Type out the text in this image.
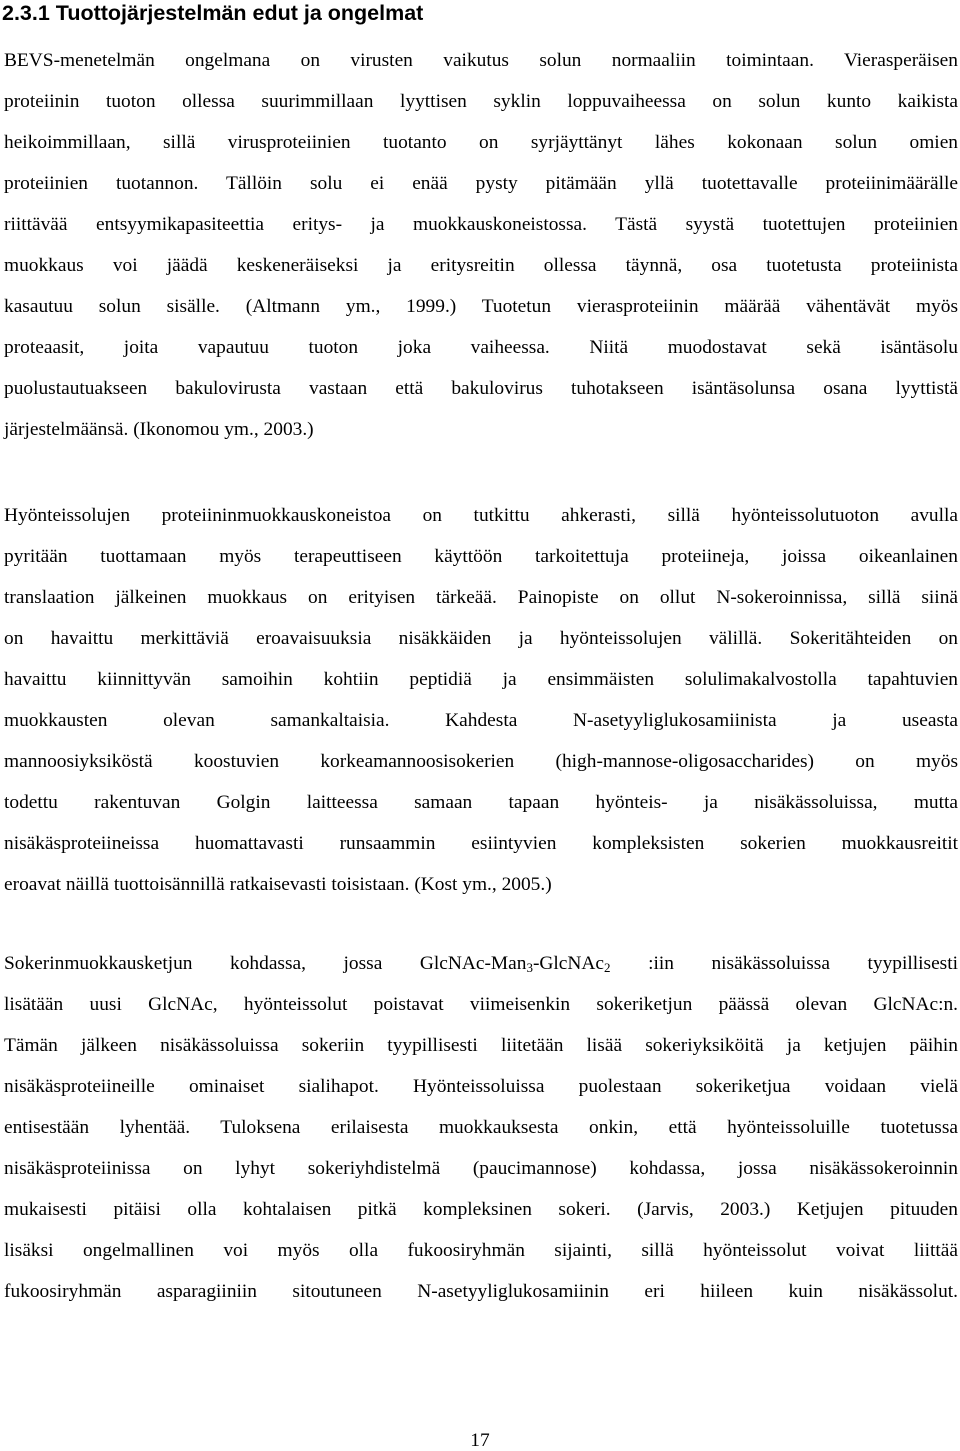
2.3.1 Tuottojärjestelmän edut ja ongelmat
BEVS-menetelmän ongelmana on virusten vaikutus solun normaaliin toimintaan. Vierasperäisen
proteiinin tuoton ollessa suurimmillaan lyyttisen syklin loppuvaiheessa on solun kunto kaikista
heikoimmillaan, sillä virusproteiinien tuotanto on syrjäyttänyt lähes kokonaan solun omien
proteiinien tuotannon. Tällöin solu ei enää pysty pitämään yllä tuotettavalle proteiinimäärälle
riittävää entsyymikapasiteettia eritys- ja muokkauskoneistossa. Tästä syystä tuotettujen proteiinien
muokkaus voi jäädä keskeneräiseksi ja eritysreitin ollessa täynnä, osa tuotetusta proteiinista
kasautuu solun sisälle. (Altmann ym., 1999.) Tuotetun vierasproteiinin määrää vähentävät myös
proteaasit, joita vapautuu tuoton joka vaiheessa. Niitä muodostavat sekä isäntäsolu
puolustautuakseen bakulovirusta vastaan että bakulovirus tuhotakseen isäntäsolunsa osana lyyttistä
järjestelmäänsä. (Ikonomou ym., 2003.)
Hyönteissolujen proteiininmuokkauskoneistoa on tutkittu ahkerasti, sillä hyönteissolutuoton avulla
pyritään tuottamaan myös terapeuttiseen käyttöön tarkoitettuja proteiineja, joissa oikeanlainen
translaation jälkeinen muokkaus on erityisen tärkeää. Painopiste on ollut N-sokeroinnissa, sillä siinä
on havaittu merkittäviä eroavaisuuksia nisäkkäiden ja hyönteissolujen välillä. Sokeritähteiden on
havaittu kiinnittyvän samoihin kohtiin peptidiä ja ensimmäisten solulimakalvostolla tapahtuvien
muokkausten olevan samankaltaisia. Kahdesta N-asetyyliglukosamiinista ja useasta
mannoosiyksiköstä koostuvien korkeamannoosisokerien (high-mannose-oligosaccharides) on myös
todettu rakentuvan Golgin laitteessa samaan tapaan hyönteis- ja nisäkässoluissa, mutta
nisäkäsproteiineissa huomattavasti runsaammin esiintyvien kompleksisten sokerien muokkausreitit
eroavat näillä tuottoisännillä ratkaisevasti toisistaan. (Kost ym., 2005.)
Sokerinmuokkausketjun kohdassa, jossa GlcNAc-Man$_3$-GlcNAc$_2$ :iin nisäkässoluissa tyypillisesti
lisätään uusi GlcNAc, hyönteissolut poistavat viimeisenkin sokeriketjun päässä olevan GlcNAc:n.
Tämän jälkeen nisäkässoluissa sokeriin tyypillisesti liitetään lisää sokeriyksiköitä ja ketjujen päihin
nisäkäsproteiineille ominaiset sialihapot. Hyönteissoluissa puolestaan sokeriketjua voidaan vielä
entisestään lyhentää. Tuloksena erilaisesta muokkauksesta onkin, että hyönteissoluille tuotetussa
nisäkäsproteiinissa on lyhyt sokeriyhdistelmä (paucimannose) kohdassa, jossa nisäkässokeroinnin
mukaisesti pitäisi olla kohtalaisen pitkä kompleksinen sokeri. (Jarvis, 2003.) Ketjujen pituuden
lisäksi ongelmallinen voi myös olla fukoosiryhmän sijainti, sillä hyönteissolut voivat liittää
fukoosiryhmän asparagiiniin sitoutuneen N-asetyyliglukosamiinin eri hiileen kuin nisäkässolut.
17
